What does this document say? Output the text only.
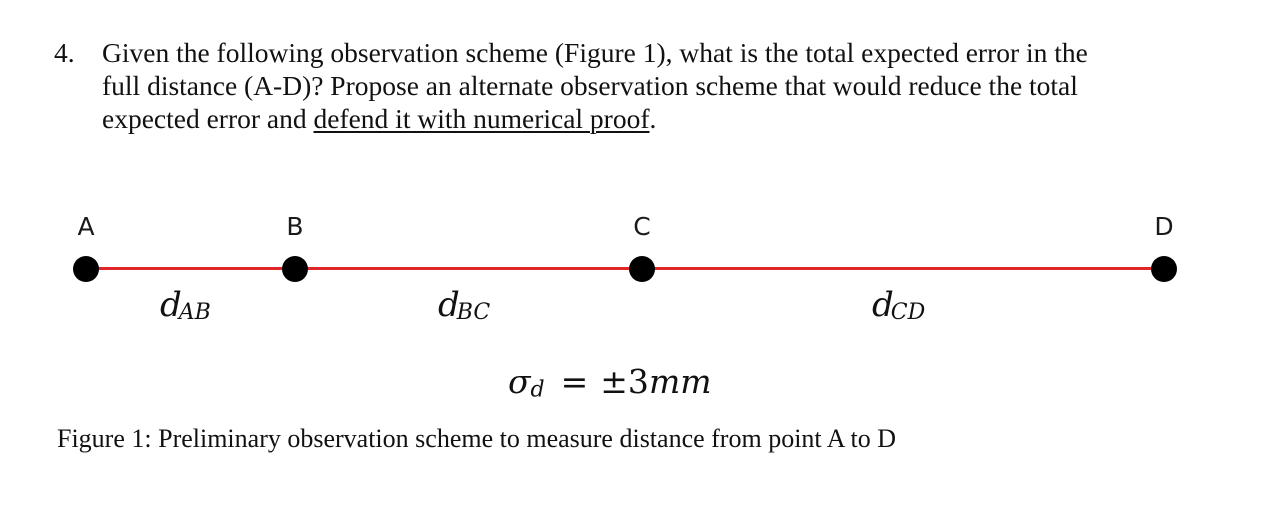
4. Given the following observation scheme (Figure 1), what is the total expected error in the
full distance (A-D)? Propose an alternate observation scheme that would reduce the total
expected error and defend it with numerical proof.
A	B	C	D
$d_{AB}$	$d_{BC}$	$d_{CD}$
$\sigma_d = \pm 3mm$
Figure 1: Preliminary observation scheme to measure distance from point A to D
